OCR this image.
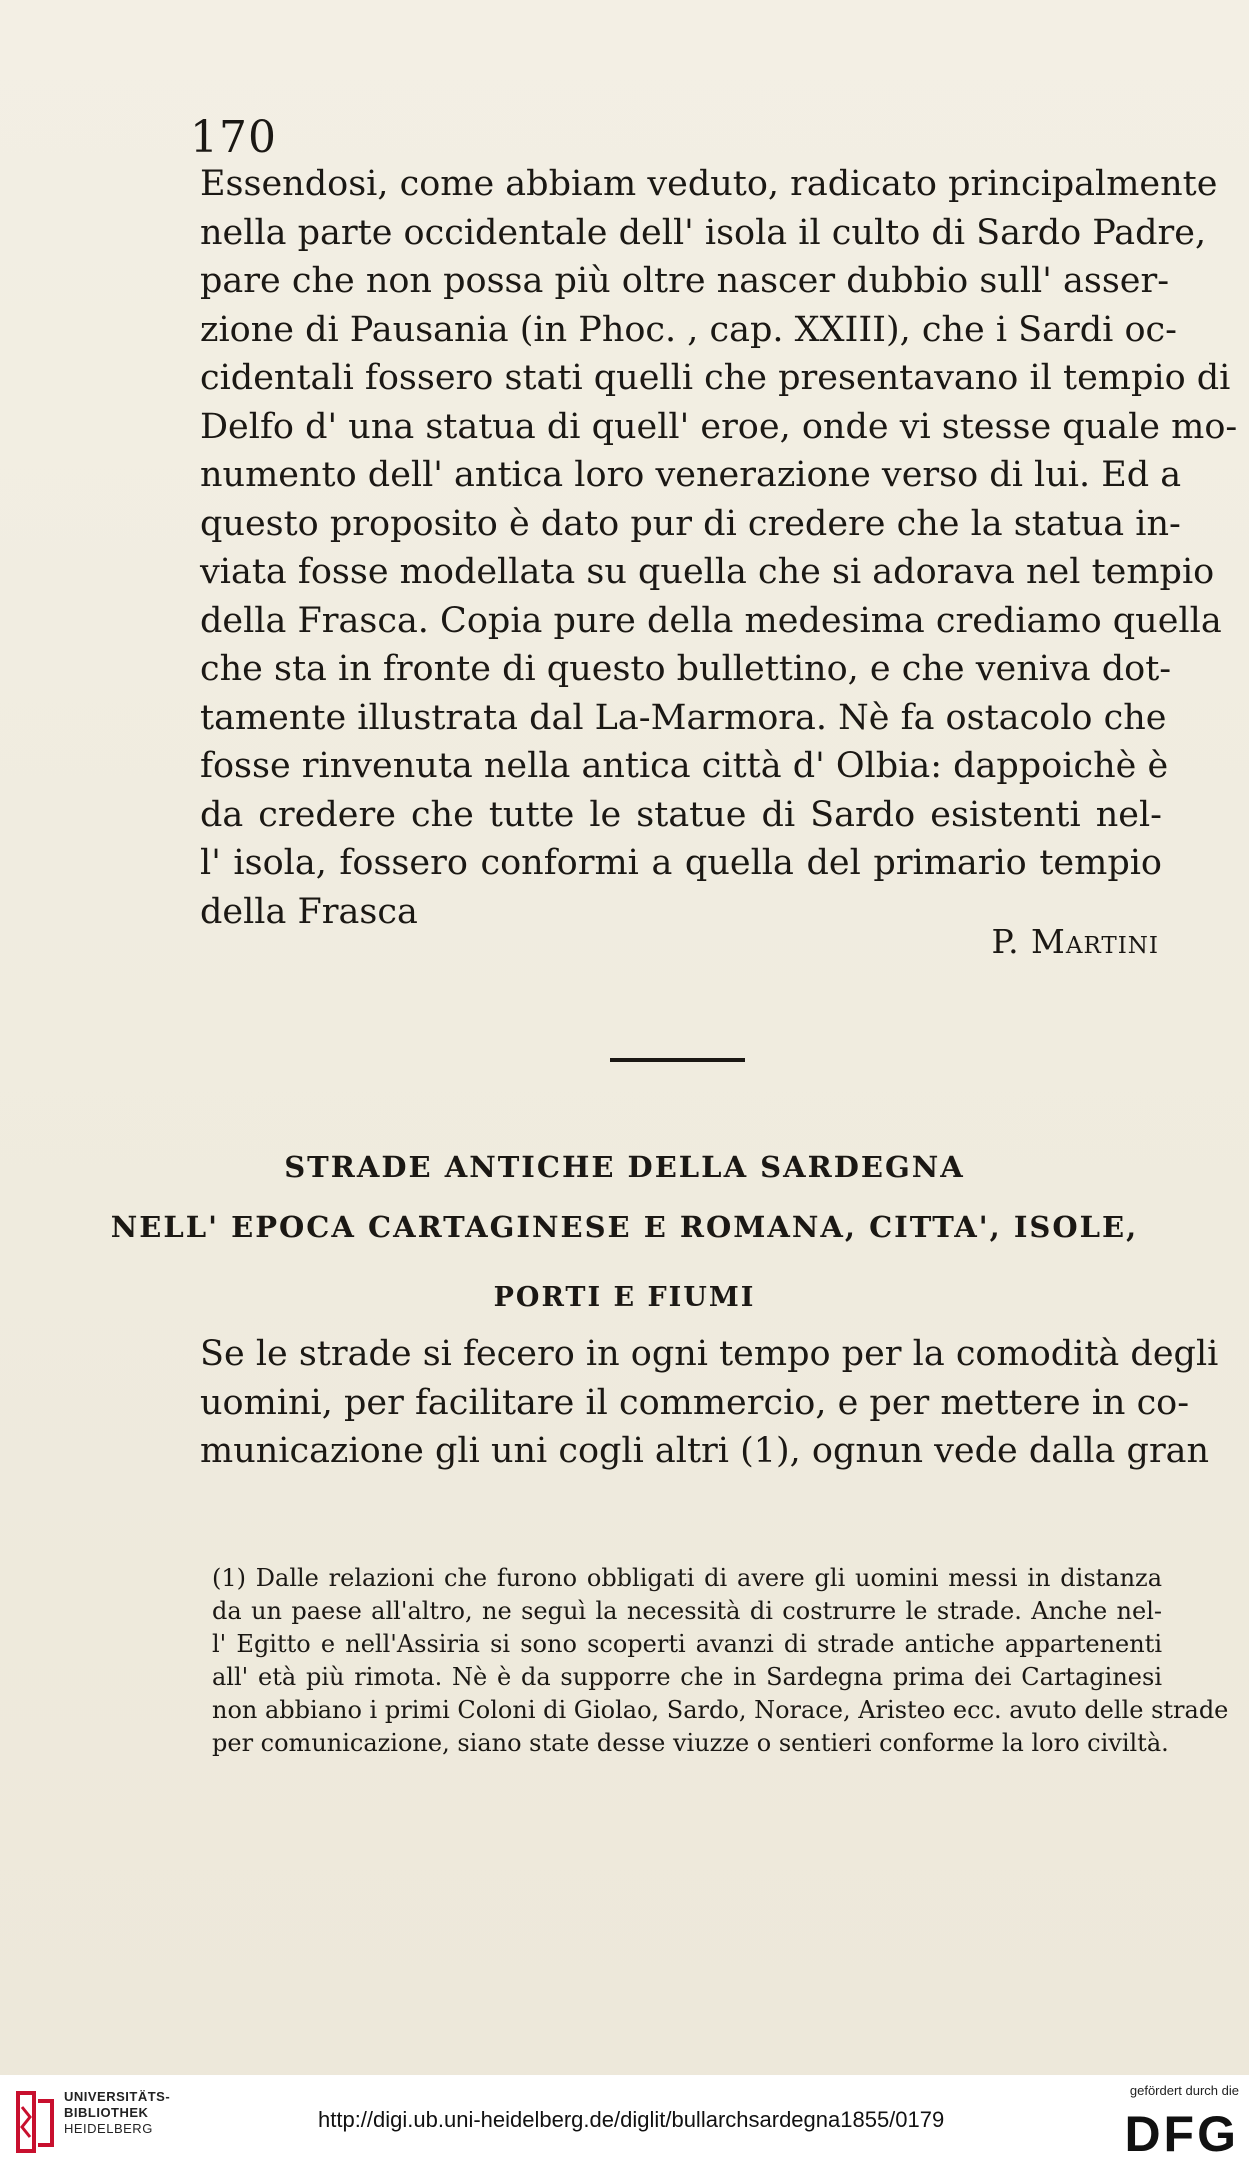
170
Essendosi, come abbiam veduto, radicato principalmente
nella parte occidentale dell' isola il culto di Sardo Padre,
pare che non possa più oltre nascer dubbio sull' asser-
zione di Pausania (in Phoc. , cap. XXIII), che i Sardi oc-
cidentali fossero stati quelli che presentavano il tempio di
Delfo d' una statua di quell' eroe, onde vi stesse quale mo-
numento dell' antica loro venerazione verso di lui. Ed a
questo proposito è dato pur di credere che la statua in-
viata fosse modellata su quella che si adorava nel tempio
della Frasca. Copia pure della medesima crediamo quella
che sta in fronte di questo bullettino, e che veniva dot-
tamente illustrata dal La-Marmora. Nè fa ostacolo che
fosse rinvenuta nella antica città d' Olbia: dappoichè è
da credere che tutte le statue di Sardo esistenti nel-
l' isola, fossero conformi a quella del primario tempio
della Frasca
P. Martini
STRADE ANTICHE DELLA SARDEGNA
NELL' EPOCA CARTAGINESE E ROMANA, CITTA', ISOLE,
PORTI E FIUMI
Se le strade si fecero in ogni tempo per la comodità degli
uomini, per facilitare il commercio, e per mettere in co-
municazione gli uni cogli altri (1), ognun vede dalla gran
(1) Dalle relazioni che furono obbligati di avere gli uomini messi in distanza
da un paese all'altro, ne seguì la necessità di costrurre le strade. Anche nel-
l' Egitto e nell'Assiria si sono scoperti avanzi di strade antiche appartenenti
all' età più rimota. Nè è da supporre che in Sardegna prima dei Cartaginesi
non abbiano i primi Coloni di Giolao, Sardo, Norace, Aristeo ecc. avuto delle strade
per comunicazione, siano state desse viuzze o sentieri conforme la loro civiltà.
UNIVERSITÄTS-
BIBLIOTHEK
HEIDELBERG	http://digi.ub.uni-heidelberg.de/diglit/bullarchsardegna1855/0179
gefördert durch die
DFG
